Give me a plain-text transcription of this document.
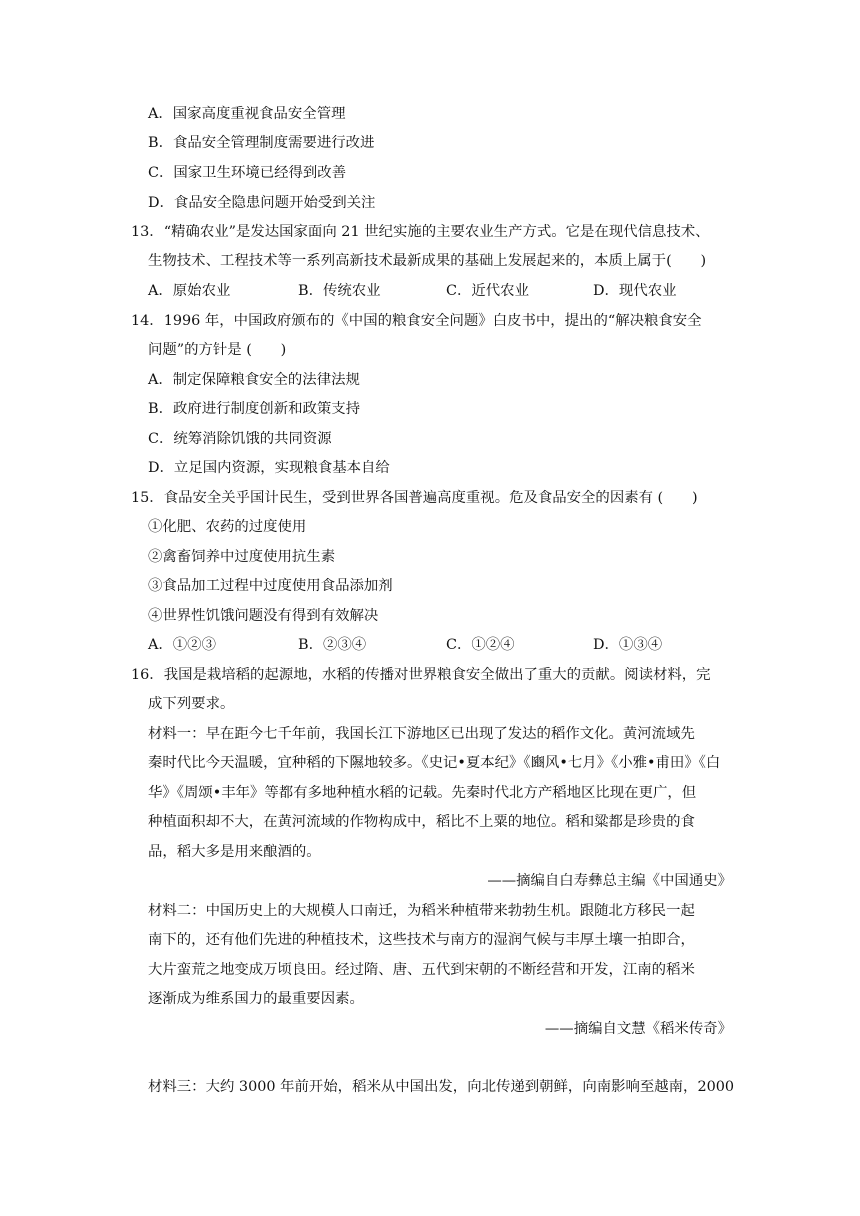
A．国家高度重视食品安全管理
B．食品安全管理制度需要进行改进
C．国家卫生环境已经得到改善
D．食品安全隐患问题开始受到关注
13．“精确农业”是发达国家面向 21 世纪实施的主要农业生产方式。它是在现代信息技术、
生物技术、工程技术等一系列高新技术最新成果的基础上发展起来的，本质上属于(　　)
A．原始农业	B．传统农业	C．近代农业	D．现代农业
14．1996 年，中国政府颁布的《中国的粮食安全问题》白皮书中，提出的“解决粮食安全
问题”的方针是 (　　)
A．制定保障粮食安全的法律法规
B．政府进行制度创新和政策支持
C．统筹消除饥饿的共同资源
D．立足国内资源，实现粮食基本自给
15．食品安全关乎国计民生，受到世界各国普遍高度重视。危及食品安全的因素有 (　　)
①化肥、农药的过度使用
②禽畜饲养中过度使用抗生素
③食品加工过程中过度使用食品添加剂
④世界性饥饿问题没有得到有效解决
A．①②③	B．②③④	C．①②④	D．①③④
16．我国是栽培稻的起源地，水稻的传播对世界粮食安全做出了重大的贡献。阅读材料，完
成下列要求。
材料一：早在距今七千年前，我国长江下游地区已出现了发达的稻作文化。黄河流域先
秦时代比今天温暖，宜种稻的下隰地较多。《史记•夏本纪》《豳风•七月》《小雅•甫田》《白
华》《周颂•丰年》等都有多地种植水稻的记载。先秦时代北方产稻地区比现在更广，但
种植面积却不大，在黄河流域的作物构成中，稻比不上粟的地位。稻和粱都是珍贵的食
品，稻大多是用来酿酒的。
——摘编自白寿彝总主编《中国通史》
材料二：中国历史上的大规模人口南迁，为稻米种植带来勃勃生机。跟随北方移民一起
南下的，还有他们先进的种植技术，这些技术与南方的湿润气候与丰厚土壤一拍即合，
大片蛮荒之地变成万顷良田。经过隋、唐、五代到宋朝的不断经营和开发，江南的稻米
逐渐成为维系国力的最重要因素。
——摘编自文慧《稻米传奇》
材料三：大约 3000 年前开始，稻米从中国出发，向北传递到朝鲜，向南影响至越南，2000
